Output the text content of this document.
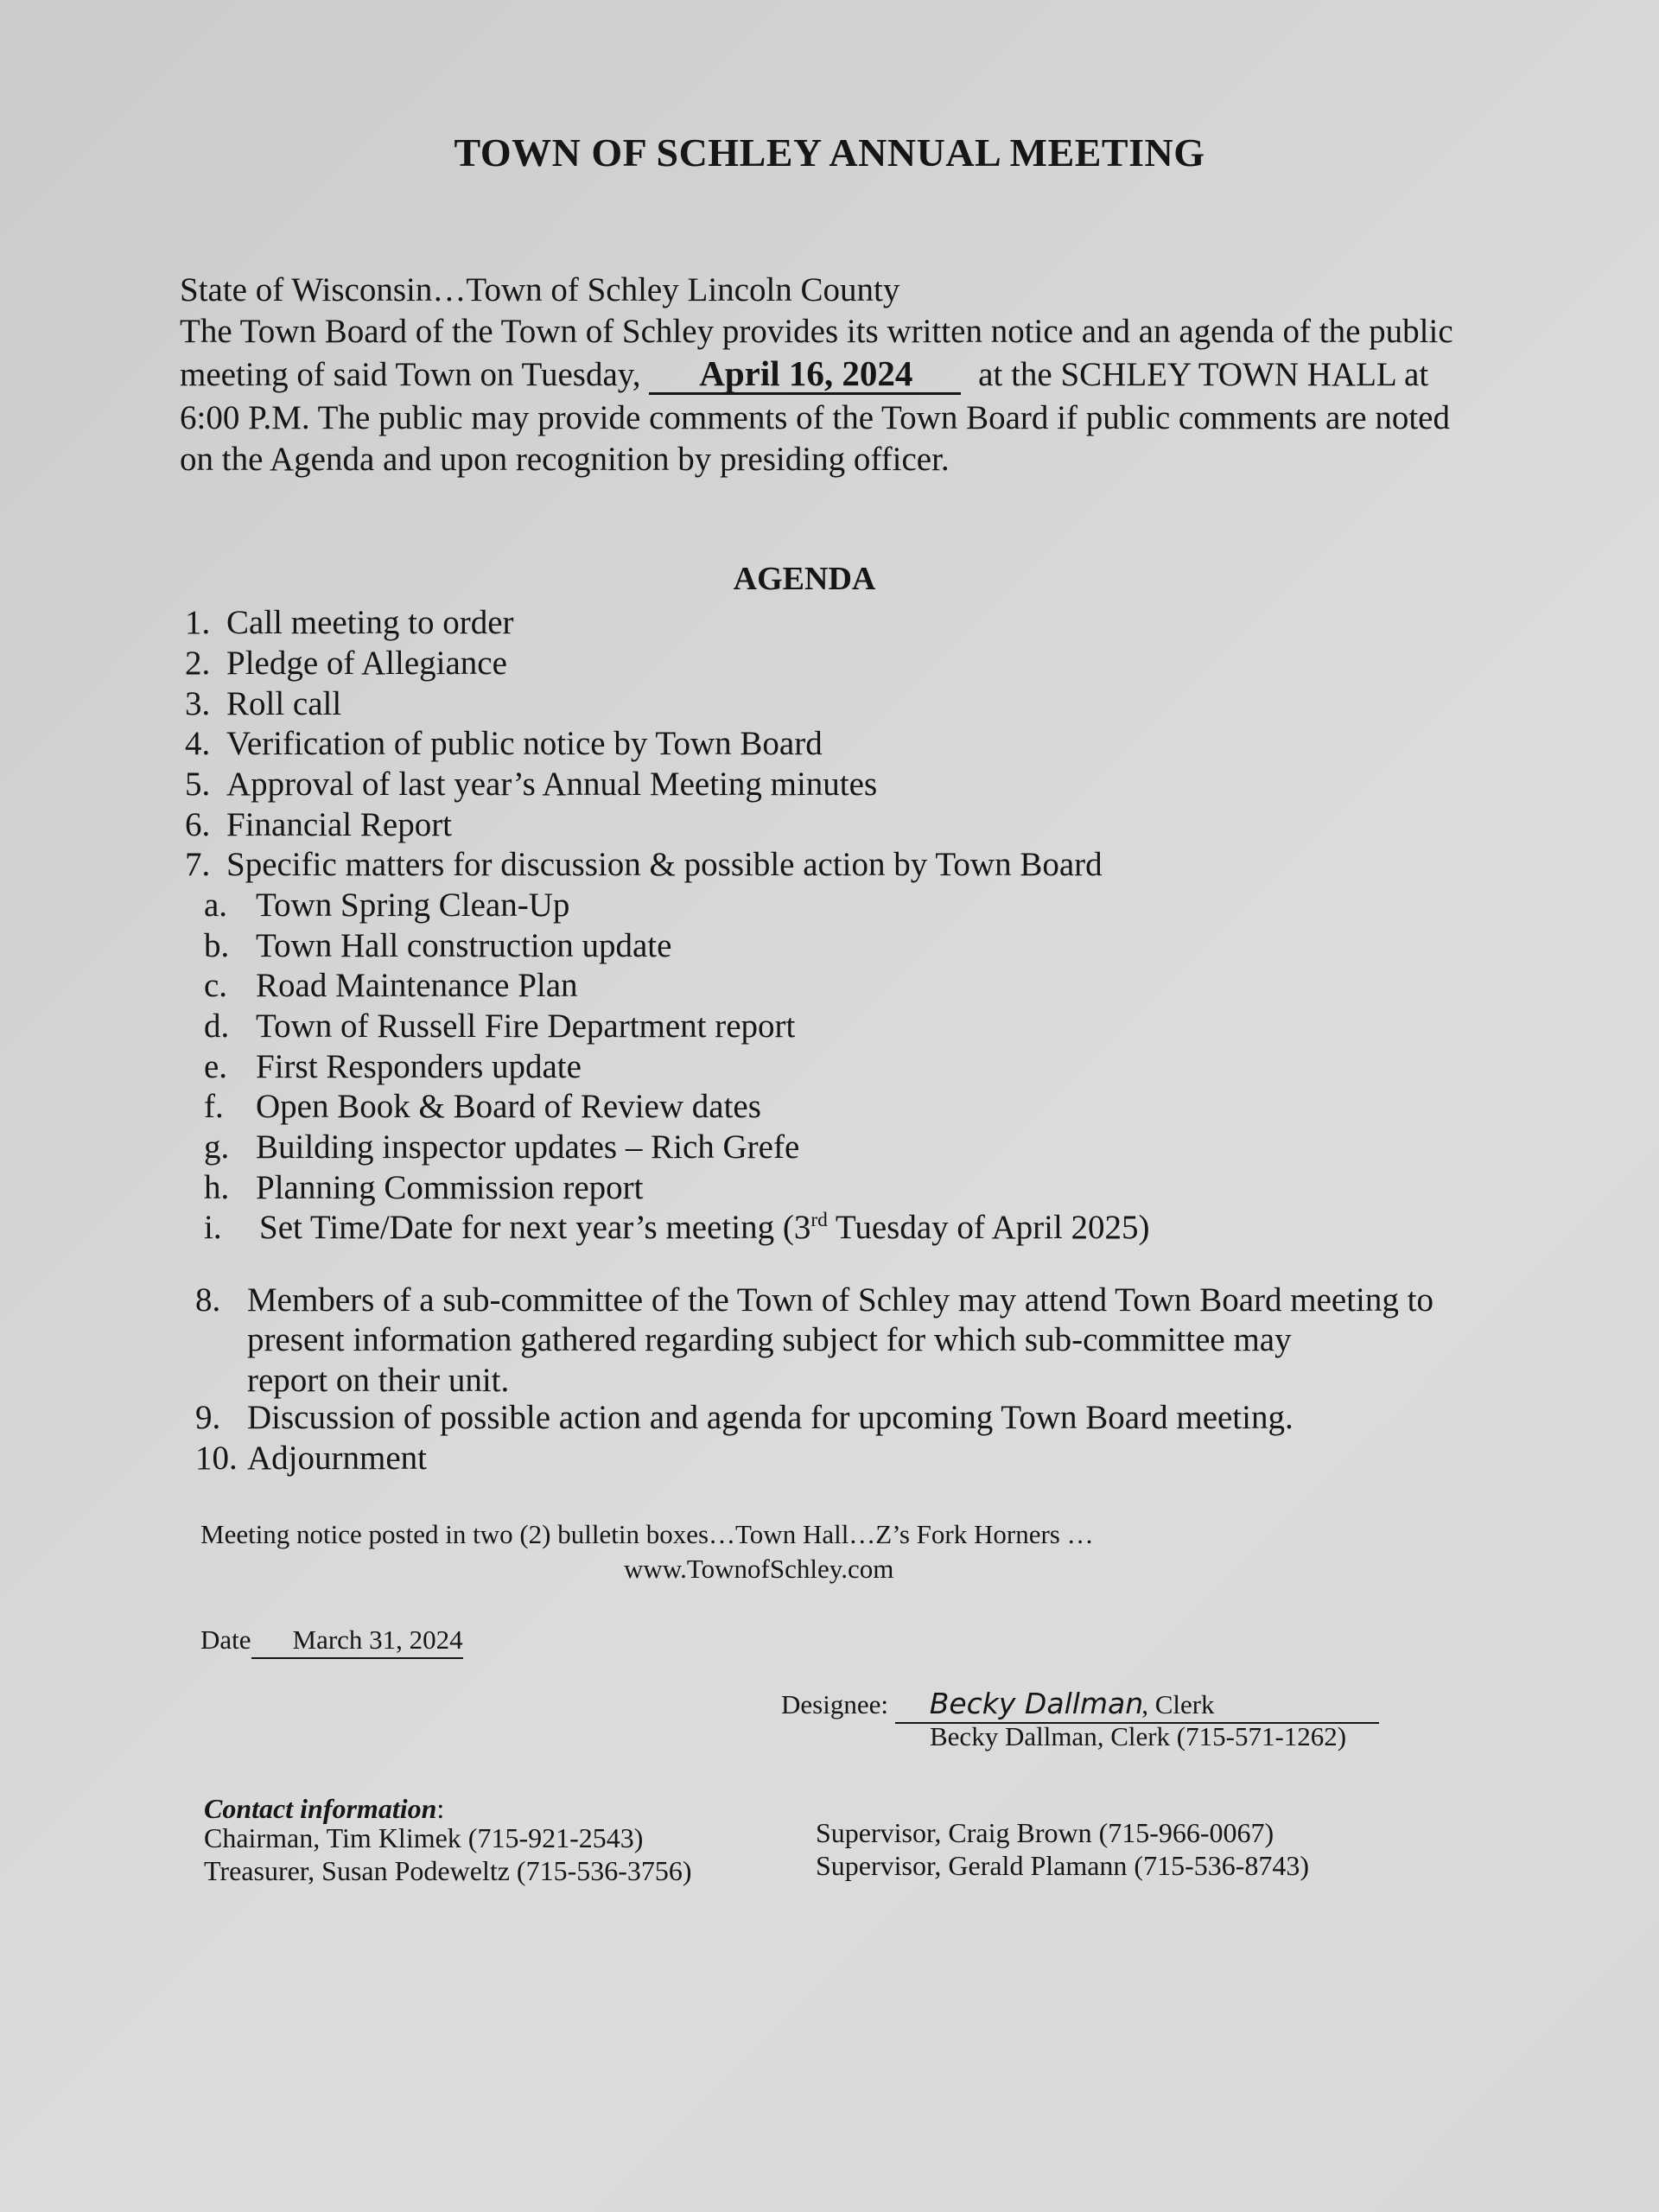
TOWN OF SCHLEY ANNUAL MEETING
State of Wisconsin…Town of Schley Lincoln County
The Town Board of the Town of Schley provides its written notice and an agenda of the public
meeting of said Town on Tuesday, April 16, 2024 at the SCHLEY TOWN HALL at
6:00 P.M. The public may provide comments of the Town Board if public comments are noted
on the Agenda and upon recognition by presiding officer.
AGENDA
1. Call meeting to order
2. Pledge of Allegiance
3. Roll call
4. Verification of public notice by Town Board
5. Approval of last year’s Annual Meeting minutes
6. Financial Report
7. Specific matters for discussion & possible action by Town Board
a. Town Spring Clean-Up
b. Town Hall construction update
c. Road Maintenance Plan
d. Town of Russell Fire Department report
e. First Responders update
f. Open Book & Board of Review dates
g. Building inspector updates – Rich Grefe
h. Planning Commission report
i. Set Time/Date for next year’s meeting (3rd Tuesday of April 2025)
8. Members of a sub-committee of the Town of Schley may attend Town Board meeting to
present information gathered regarding subject for which sub-committee may
report on their unit.
9. Discussion of possible action and agenda for upcoming Town Board meeting.
10. Adjournment
Meeting notice posted in two (2) bulletin boxes…Town Hall…Z’s Fork Horners …
www.TownofSchley.com
Date March 31, 2024
Designee: Becky Dallman, Clerk
Becky Dallman, Clerk (715-571-1262)
Contact information:
Chairman, Tim Klimek (715-921-2543)
Treasurer, Susan Podeweltz (715-536-3756)
Supervisor, Craig Brown (715-966-0067)
Supervisor, Gerald Plamann (715-536-8743)
